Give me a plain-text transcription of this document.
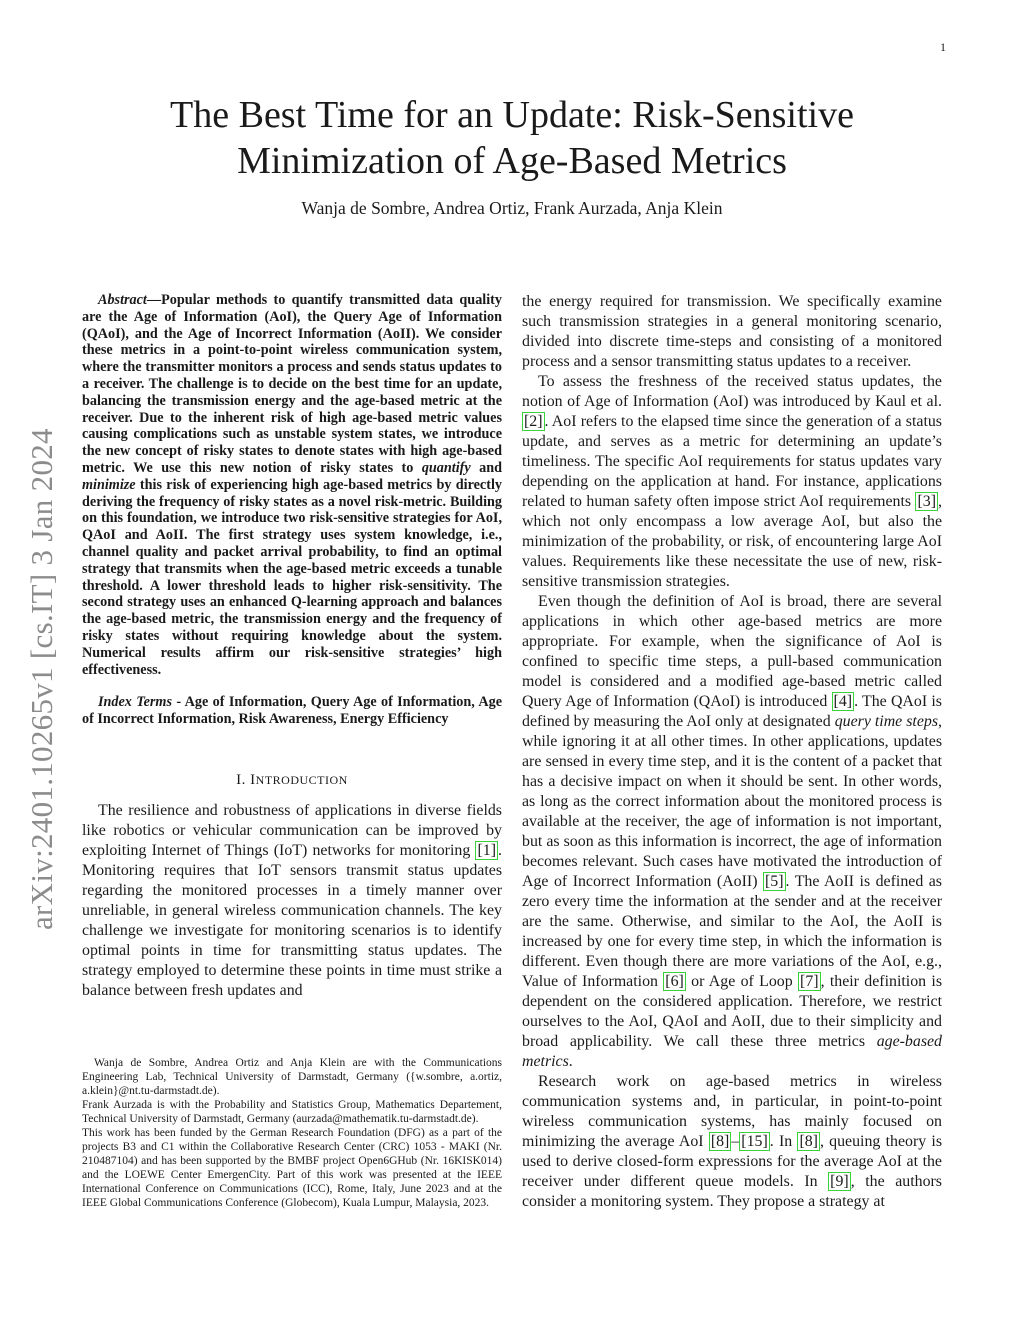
1
arXiv:2401.10265v1 [cs.IT] 3 Jan 2024
The Best Time for an Update: Risk-Sensitive
Minimization of Age-Based Metrics
Wanja de Sombre, Andrea Ortiz, Frank Aurzada, Anja Klein

Abstract—Popular methods to quantify transmitted data quality are the Age of Information (AoI), the Query Age of Information (QAoI), and the Age of Incorrect Information (AoII). We consider these metrics in a point-to-point wireless communication system, where the transmitter monitors a process and sends status updates to a receiver. The challenge is to decide on the best time for an update, balancing the transmission energy and the age-based metric at the receiver. Due to the inherent risk of high age-based metric values causing complications such as unstable system states, we introduce the new concept of risky states to denote states with high age-based metric. We use this new notion of risky states to quantify and minimize this risk of experiencing high age-based metrics by directly deriving the frequency of risky states as a novel risk-metric. Building on this foundation, we introduce two risk-sensitive strategies for AoI, QAoI and AoII. The first strategy uses system knowledge, i.e., channel quality and packet arrival probability, to find an optimal strategy that transmits when the age-based metric exceeds a tunable threshold. A lower threshold leads to higher risk-sensitivity. The second strategy uses an enhanced Q-learning approach and balances the age-based metric, the transmission energy and the frequency of risky states without requiring knowledge about the system. Numerical results affirm our risk-sensitive strategies’ high effectiveness.

Index Terms - Age of Information, Query Age of Information, Age of Incorrect Information, Risk Awareness, Energy Efficiency

I. INTRODUCTION

The resilience and robustness of applications in diverse fields like robotics or vehicular communication can be improved by exploiting Internet of Things (IoT) networks for monitoring [1] . Monitoring requires that IoT sensors transmit status updates regarding the monitored processes in a timely manner over unreliable, in general wireless communication channels. The key challenge we investigate for monitoring scenarios is to identify optimal points in time for transmitting status updates. The strategy employed to determine these points in time must strike a balance between fresh updates and

Wanja de Sombre, Andrea Ortiz and Anja Klein are with the Communications Engineering Lab, Technical University of Darmstadt, Germany ({w.sombre, a.ortiz, a.klein}@nt.tu-darmstadt.de).

Frank Aurzada is with the Probability and Statistics Group, Mathematics Departement, Technical University of Darmstadt, Germany (aurzada@mathematik.tu-darmstadt.de).

This work has been funded by the German Research Foundation (DFG) as a part of the projects B3 and C1 within the Collaborative Research Center (CRC) 1053 - MAKI (Nr. 210487104) and has been supported by the BMBF project Open6GHub (Nr. 16KISK014) and the LOEWE Center EmergenCity. Part of this work was presented at the IEEE International Conference on Communications (ICC), Rome, Italy, June 2023 and at the IEEE Global Communications Conference (Globecom), Kuala Lumpur, Malaysia, 2023.

the energy required for transmission. We specifically examine such transmission strategies in a general monitoring scenario, divided into discrete time-steps and consisting of a monitored process and a sensor transmitting status updates to a receiver.

To assess the freshness of the received status updates, the notion of Age of Information (AoI) was introduced by Kaul et al. [2] . AoI refers to the elapsed time since the generation of a status update, and serves as a metric for determining an update’s timeliness. The specific AoI requirements for status updates vary depending on the application at hand. For instance, applications related to human safety often impose strict AoI requirements [3] , which not only encompass a low average AoI, but also the minimization of the probability, or risk, of encountering large AoI values. Requirements like these necessitate the use of new, risk-sensitive transmission strategies.

Even though the definition of AoI is broad, there are several applications in which other age-based metrics are more appropriate. For example, when the significance of AoI is confined to specific time steps, a pull-based communication model is considered and a modified age-based metric called Query Age of Information (QAoI) is introduced [4] . The QAoI is defined by measuring the AoI only at designated query time steps, while ignoring it at all other times. In other applications, updates are sensed in every time step, and it is the content of a packet that has a decisive impact on when it should be sent. In other words, as long as the correct information about the monitored process is available at the receiver, the age of information is not important, but as soon as this information is incorrect, the age of information becomes relevant. Such cases have motivated the introduction of Age of Incorrect Information (AoII) [5] . The AoII is defined as zero every time the information at the sender and at the receiver are the same. Otherwise, and similar to the AoI, the AoII is increased by one for every time step, in which the information is different. Even though there are more variations of the AoI, e.g., Value of Information [6] or Age of Loop [7] , their definition is dependent on the considered application. Therefore, we restrict ourselves to the AoI, QAoI and AoII, due to their simplicity and broad applicability. We call these three metrics age-based metrics.

Research work on age-based metrics in wireless communication systems and, in particular, in point-to-point wireless communication systems, has mainly focused on minimizing the average AoI [8] – [15] . In [8] , queuing theory is used to derive closed-form expressions for the average AoI at the receiver under different queue models. In [9] , the authors consider a monitoring system. They propose a strategy at
